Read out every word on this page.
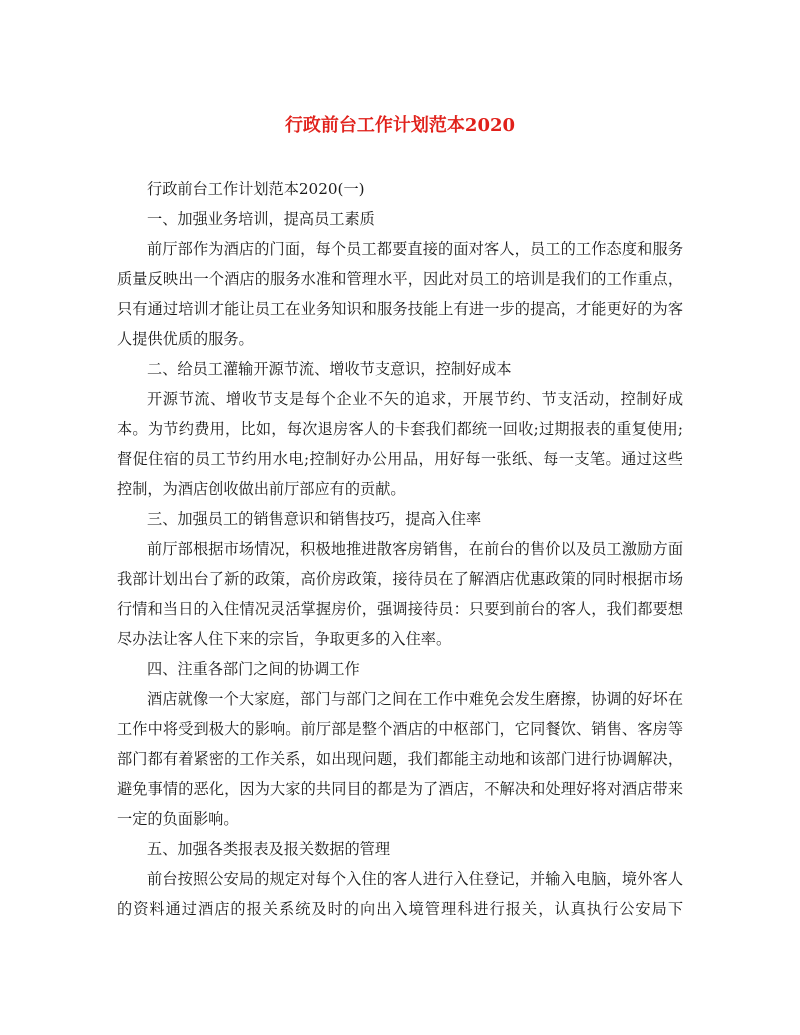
行政前台工作计划范本2020

行政前台工作计划范本2020(一)

一、加强业务培训，提高员工素质

前厅部作为酒店的门面，每个员工都要直接的面对客人，员工的工作态度和服务质量反映出一个酒店的服务水准和管理水平，因此对员工的培训是我们的工作重点，只有通过培训才能让员工在业务知识和服务技能上有进一步的提高，才能更好的为客人提供优质的服务。

二、给员工灌输开源节流、增收节支意识，控制好成本

开源节流、增收节支是每个企业不矢的追求，开展节约、节支活动，控制好成本。为节约费用，比如，每次退房客人的卡套我们都统一回收;过期报表的重复使用;督促住宿的员工节约用水电;控制好办公用品，用好每一张纸、每一支笔。通过这些控制，为酒店创收做出前厅部应有的贡献。

三、加强员工的销售意识和销售技巧，提高入住率

前厅部根据市场情况，积极地推进散客房销售，在前台的售价以及员工激励方面我部计划出台了新的政策，高价房政策，接待员在了解酒店优惠政策的同时根据市场行情和当日的入住情况灵活掌握房价，强调接待员：只要到前台的客人，我们都要想尽办法让客人住下来的宗旨，争取更多的入住率。

四、注重各部门之间的协调工作

酒店就像一个大家庭，部门与部门之间在工作中难免会发生磨擦，协调的好坏在工作中将受到极大的影响。前厅部是整个酒店的中枢部门，它同餐饮、销售、客房等部门都有着紧密的工作关系，如出现问题，我们都能主动地和该部门进行协调解决，避免事情的恶化，因为大家的共同目的都是为了酒店，不解决和处理好将对酒店带来一定的负面影响。

五、加强各类报表及报关数据的管理

前台按照公安局的规定对每个入住的客人进行入住登记，并输入电脑，境外客人的资料通过酒店的报关系统及时的向出入境管理科进行报关，认真执行公安局下
